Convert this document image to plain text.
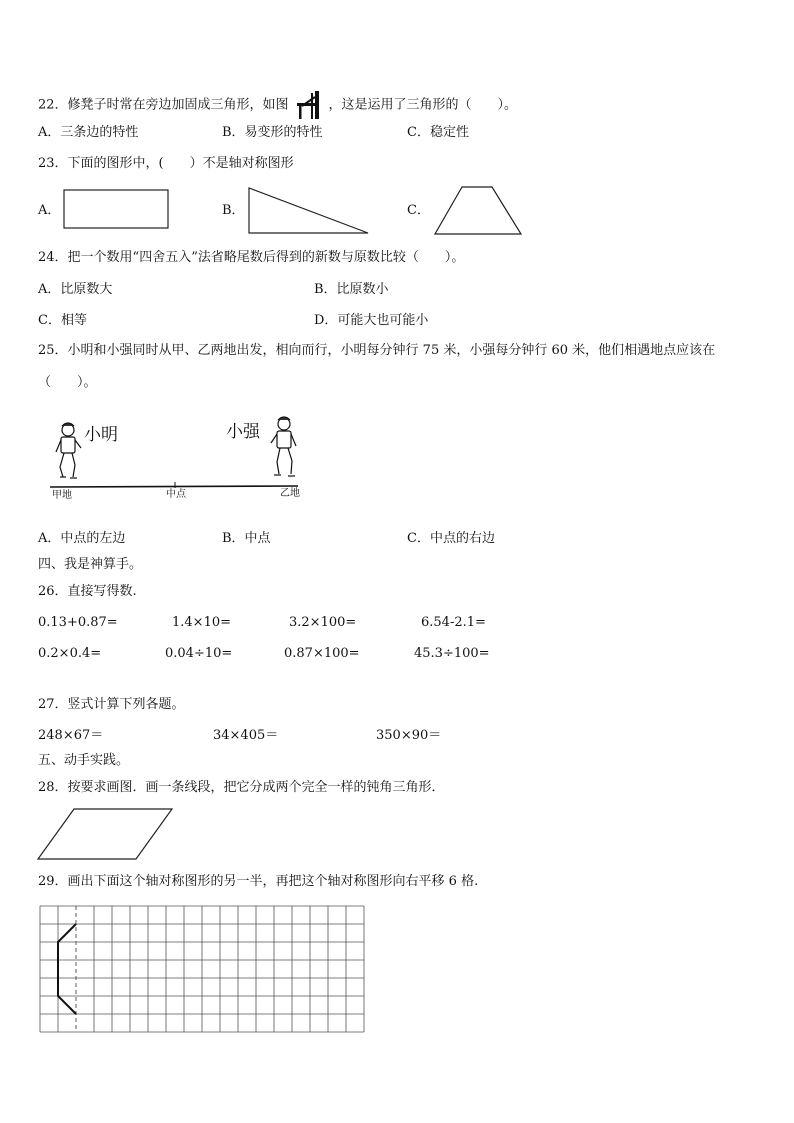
22．修凳子时常在旁边加固成三角形，如图	，这是运用了三角形的（　　）。
A．三条边的特性	B．易变形的特性	C．稳定性
23．下面的图形中，(　　）不是轴对称图形
A．	B．	C．
24．把一个数用“四舍五入”法省略尾数后得到的新数与原数比较（　　）。
A．比原数大	B．比原数小
C．相等	D．可能大也可能小
25．小明和小强同时从甲、乙两地出发，相向而行，小明每分钟行 75 米，小强每分钟行 60 米，他们相遇地点应该在
（　　）。
小明	小强
甲地	中点	乙地
A．中点的左边	B．中点	C．中点的右边
四、我是神算手。
26．直接写得数.
0.13+0.87=	1.4×10=	3.2×100=	6.54-2.1=
0.2×0.4=	0.04÷10=	0.87×100=	45.3÷100=
27．竖式计算下列各题。
248×67＝	34×405＝	350×90＝
五、动手实践。
28．按要求画图．画一条线段，把它分成两个完全一样的钝角三角形．
29．画出下面这个轴对称图形的另一半，再把这个轴对称图形向右平移 6 格.
